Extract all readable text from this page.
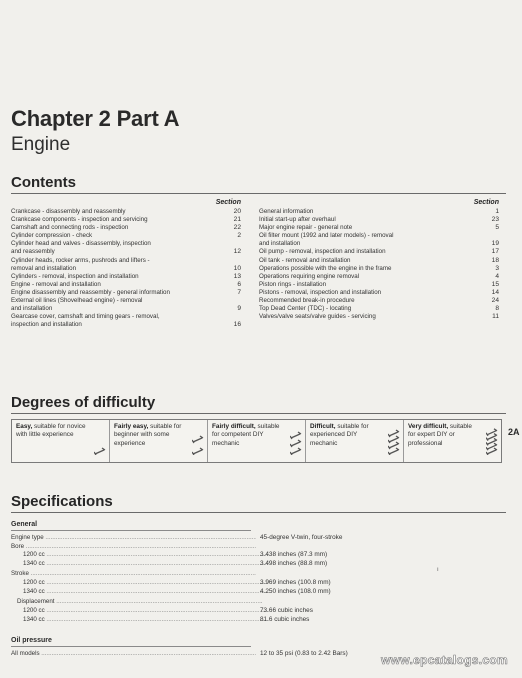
Chapter 2 Part A
Engine
Contents
Section
Crankcase - disassembly and reassembly	20
Crankcase components - inspection and servicing	21
Camshaft and connecting rods - inspection	22
Cylinder compression - check	2
Cylinder head and valves - disassembly, inspection
and reassembly	12
Cylinder heads, rocker arms, pushrods and lifters -
removal and installation	10
Cylinders - removal, inspection and installation	13
Engine - removal and installation	6
Engine disassembly and reassembly - general information	7
External oil lines (Shovelhead engine) - removal
and installation	9
Gearcase cover, camshaft and timing gears - removal,
inspection and installation	16
Section
General information	1
Initial start-up after overhaul	23
Major engine repair - general note	5
Oil filter mount (1992 and later models) - removal
and installation	19
Oil pump - removal, inspection and installation	17
Oil tank - removal and installation	18
Operations possible with the engine in the frame	3
Operations requiring engine removal	4
Piston rings - installation	15
Pistons - removal, inspection and installation	14
Recommended break-in procedure	24
Top Dead Center (TDC) - locating	8
Valves/valve seats/valve guides - servicing	11
Degrees of difficulty
Easy, suitable for novice with little experience
Fairly easy, suitable for beginner with some experience
Fairly difficult, suitable for competent DIY mechanic
Difficult, suitable for experienced DIY mechanic
Very difficult, suitable for expert DIY or professional
2A
Specifications
General
Engine type .....	45-degree V-twin, four-stroke
Bore .....
1200 cc .....	3.438 inches (87.3 mm)
1340 cc .....	3.498 inches (88.8 mm)
Stroke .....
1200 cc .....	3.969 inches (100.8 mm)
1340 cc .....	4.250 inches (108.0 mm)
Displacement .....
1200 cc .....	73.66 cubic inches
1340 cc .....	81.6 cubic inches
All models .....	12 to 35 psi (0.83 to 2.42 Bars)
Oil pressure
ı
www.epcatalogs.com
